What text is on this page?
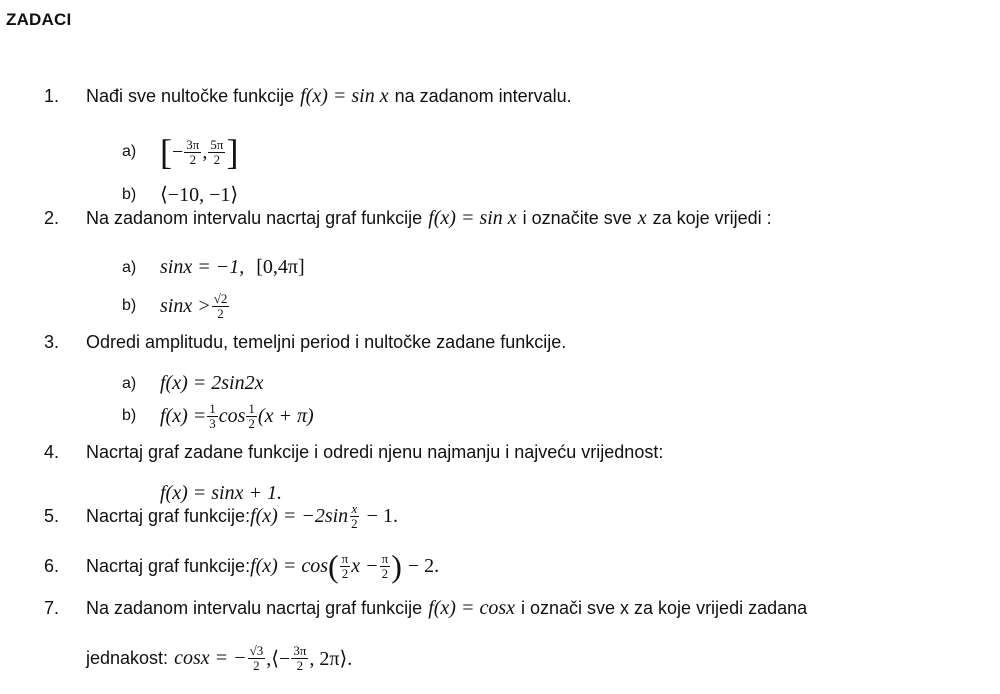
ZADACI
1.	Nađi sve nultočke funkcije f(x) = sin x na zadanom intervalu.
a) [ − $\frac{3\pi}{2}$ , $\frac{5\pi}{2}$ ]
b)	⟨−10, −1⟩
2.	Na zadanom intervalu nacrtaj graf funkcije f(x) = sin x i označite sve x za koje vrijedi :
a)	sinx = −1, [0,4π]
b)	$\sin x > \frac{√2}{2}$
3.	Odredi amplitudu, temeljni period i nultočke zadane funkcije.
a)	f(x) = 2sin2x
b)	$f(x) = \frac{1}{3}$ $\cos \frac{1}{2} (x + \pi)$
4.	Nacrtaj graf zadane funkcije i odredi njenu najmanju i najveću vrijednost:
f(x) = sinx + 1.
5.	Nacrtaj graf funkcije: $f(x) = -2\sin \frac{x}{2} - 1$.
6.	Nacrtaj graf funkcije: f(x) = cos ( $\frac{\pi}{2}$ $x - \frac{\pi}{2}$ ) − 2.
7.	Na zadanom intervalu nacrtaj graf funkcije f(x) = cosx i označi sve x za koje vrijedi zadana
jednakost: cosx = − $\frac{√3}{2}$ ,⟨− $\frac{3\pi}{2}$ , 2π⟩.
